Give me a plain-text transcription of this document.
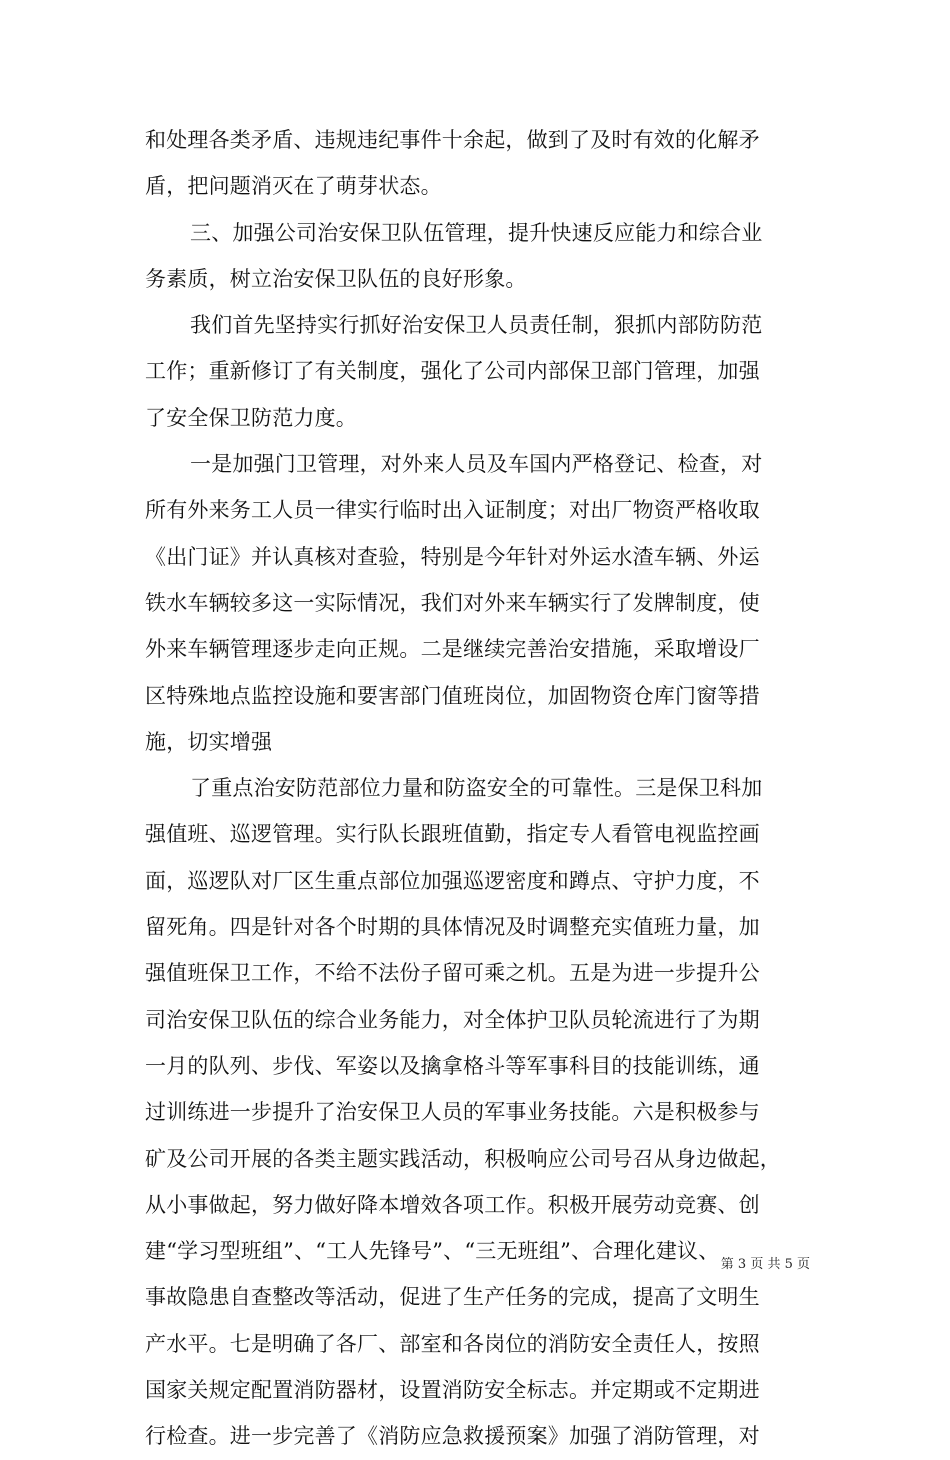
和处理各类矛盾、违规违纪事件十余起，做到了及时有效的化解矛
盾，把问题消灭在了萌芽状态。
三、加强公司治安保卫队伍管理，提升快速反应能力和综合业
务素质，树立治安保卫队伍的良好形象。
我们首先坚持实行抓好治安保卫人员责任制，狠抓内部防防范
工作；重新修订了有关制度，强化了公司内部保卫部门管理，加强
了安全保卫防范力度。
一是加强门卫管理，对外来人员及车国内严格登记、检查，对
所有外来务工人员一律实行临时出入证制度；对出厂物资严格收取
《出门证》并认真核对查验，特别是今年针对外运水渣车辆、外运
铁水车辆较多这一实际情况，我们对外来车辆实行了发牌制度，使
外来车辆管理逐步走向正规。二是继续完善治安措施，采取增设厂
区特殊地点监控设施和要害部门值班岗位，加固物资仓库门窗等措
施，切实增强
了重点治安防范部位力量和防盗安全的可靠性。三是保卫科加
强值班、巡逻管理。实行队长跟班值勤，指定专人看管电视监控画
面，巡逻队对厂区生重点部位加强巡逻密度和蹲点、守护力度，不
留死角。四是针对各个时期的具体情况及时调整充实值班力量，加
强值班保卫工作，不给不法份子留可乘之机。五是为进一步提升公
司治安保卫队伍的综合业务能力，对全体护卫队员轮流进行了为期
一月的队列、步伐、军姿以及擒拿格斗等军事科目的技能训练，通
过训练进一步提升了治安保卫人员的军事业务技能。六是积极参与
矿及公司开展的各类主题实践活动，积极响应公司号召从身边做起，
从小事做起，努力做好降本增效各项工作。积极开展劳动竞赛、创
建“学习型班组”、“工人先锋号”、“三无班组”、合理化建议、
事故隐患自查整改等活动，促进了生产任务的完成，提高了文明生
产水平。七是明确了各厂、部室和各岗位的消防安全责任人，按照
国家关规定配置消防器材，设置消防安全标志。并定期或不定期进
行检查。进一步完善了《消防应急救援预案》加强了消防管理，对
第 3 页 共 5 页
